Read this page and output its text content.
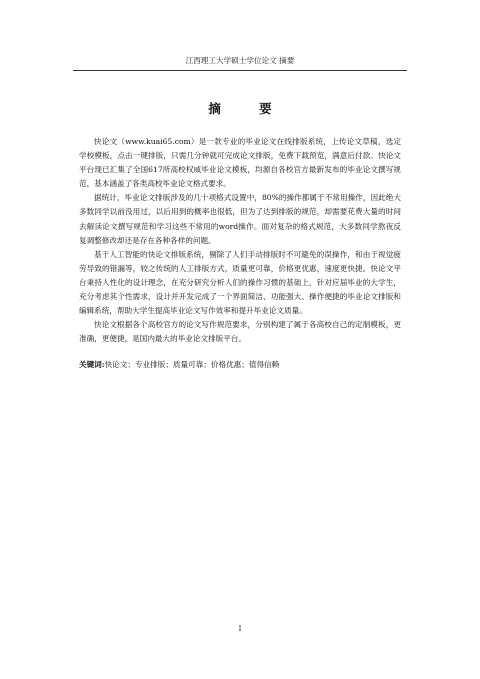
江西理工大学硕士学位论文 摘要
摘 要

快论文（www.kuai65.com）是一款专业的毕业论文在线排版系统，上传论文草稿，选定学校模板，点击一键排版，只需几分钟就可完成论文排版，免费下载预览，满意后付款。快论文平台现已汇集了全国617所高校权威毕业论文模板，均源自各校官方最新发布的毕业论文撰写规范，基本涵盖了各类高校毕业论文格式要求。

据统计，毕业论文排版涉及的几十项格式设置中，80%的操作都属于不常用操作，因此绝大多数同学以前没用过，以后用到的概率也很低，但为了达到排版的规范，却需要花费大量的时间去解读论文撰写规范和学习这些不常用的word操作。面对复杂的格式规范，大多数同学熬夜反复调整修改却还是存在各种各样的问题。

基于人工智能的快论文排版系统，剔除了人们手动排版时不可避免的误操作，和由于视觉疲劳导致的错漏等，较之传统的人工排版方式，质量更可靠，价格更优惠，速度更快捷。快论文平台秉持人性化的设计理念，在充分研究分析人们的操作习惯的基础上，针对应届毕业的大学生，充分考虑其个性需求，设计并开发完成了一个界面简洁、功能强大、操作便捷的毕业论文排版和编辑系统，帮助大学生提高毕业论文写作效率和提升毕业论文质量。

快论文根据各个高校官方的论文写作规范要求，分别构建了属于各高校自己的定制模板，更准确，更便捷，是国内最大的毕业论文排版平台。

关键词:快论文；专业排版；质量可靠；价格优惠；值得信赖
I
